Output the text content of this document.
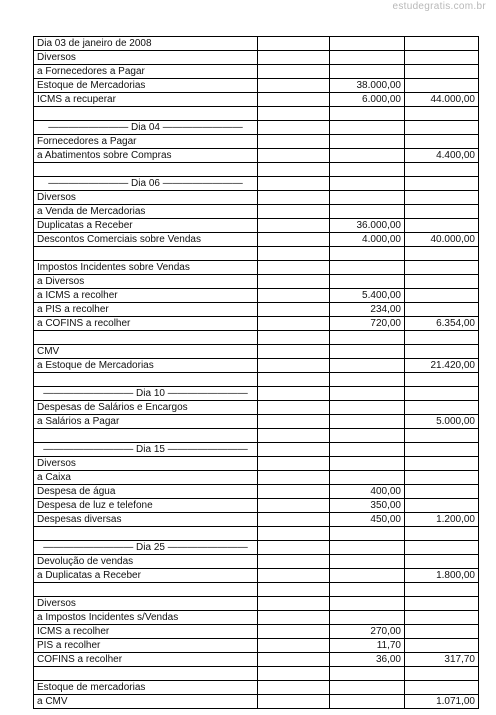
estudegratis.com.br
Dia 03 de janeiro de 2008			
Diversos			
a Fornecedores a Pagar			
Estoque de Mercadorias		38.000,00	
ICMS a recuperar		6.000,00	44.000,00

———————— Dia 04 ————————			
Fornecedores a Pagar			
a Abatimentos sobre Compras			4.400,00

———————— Dia 06 ————————			
Diversos			
a Venda de Mercadorias			
Duplicatas a Receber		36.000,00	
Descontos Comerciais sobre Vendas		4.000,00	40.000,00

Impostos Incidentes sobre Vendas			
a Diversos			
a ICMS a recolher		5.400,00	
a PIS a recolher		234,00	
a COFINS a recolher		720,00	6.354,00

CMV			
a Estoque de Mercadorias			21.420,00

————————— Dia 10 ————————			
Despesas de Salários e Encargos			
a Salários a Pagar			5.000,00

————————— Dia 15 ————————			
Diversos			
a Caixa			
Despesa de água		400,00	
Despesa de luz e telefone		350,00	
Despesas diversas		450,00	1.200,00

————————— Dia 25 ————————			
Devolução de vendas			
a Duplicatas a Receber			1.800,00

Diversos			
a Impostos Incidentes s/Vendas			
ICMS a recolher		270,00	
PIS a recolher		11,70	
COFINS a recolher		36,00	317,70

Estoque de mercadorias			
a CMV			1.071,00
